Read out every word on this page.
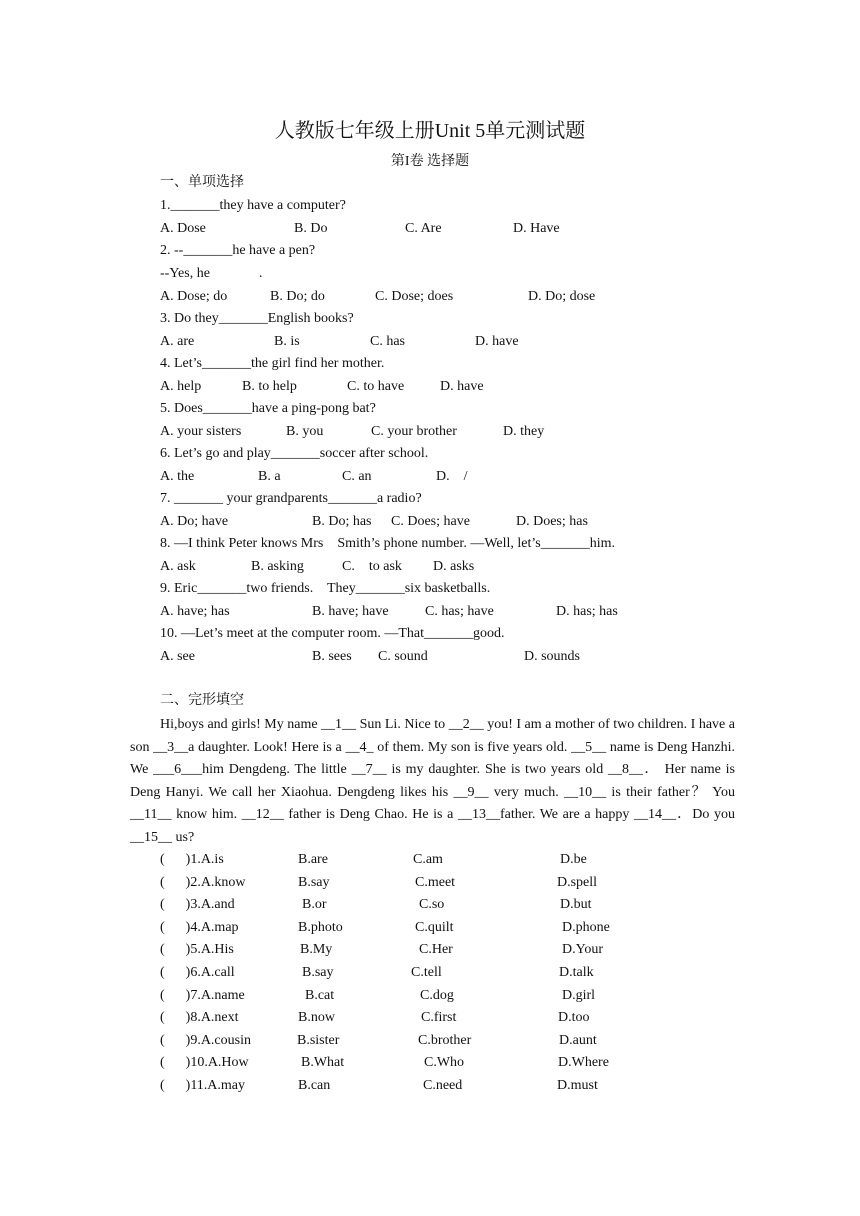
人教版七年级上册Unit 5单元测试题
第I卷 选择题
一、单项选择
1._______they have a computer?
A. Dose	B. Do	C. Are	D. Have
2. --_______he have a pen?
--Yes, he              .
A. Dose; do	B. Do; do	C. Dose; does	D. Do; dose
3. Do they_______English books?
A. are	B. is	C. has	D. have
4. Let’s_______the girl find her mother.
A. help	B. to help	C. to have	D. have
5. Does_______have a ping-pong bat?
A. your sisters	B. you	C. your brother	D. they
6. Let’s go and play_______soccer after school.
A. the	B. a	C. an	D.    /
7. _______ your grandparents_______a radio?
A. Do; have	B. Do; has C. Does; have	D. Does; has
8. —I think Peter knows Mrs    Smith’s phone number. —Well, let’s_______him.
A. ask	B. asking	C.    to ask D. asks
9. Eric_______two friends.    They_______six basketballs.
A. have; has	B. have; have	C. has; have	D. has; has
10. —Let’s meet at the computer room. —That_______good.
A. see	B. sees C. sound	D. sounds
二、完形填空
Hi,boys and girls! My name __1__ Sun Li. Nice to __2__ you! I am a mother of two children. I have a son __3__a daughter. Look! Here is a __4_ of them. My son is five years old. __5__ name is Deng Hanzhi. We ___6___him Dengdeng. The little __7__ is my daughter. She is two years old __8__． Her name is Deng Hanyi. We call her Xiaohua. Dengdeng likes his __9__ very much. __10__ is their father？ You __11__ know him. __12__ father is Deng Chao. He is a __13__father. We are a happy __14__．Do you __15__ us?
(      )1.A.is	B.are	C.am	D.be
(      )2.A.know	B.say	C.meet	D.spell
(      )3.A.and	B.or	C.so	D.but
(      )4.A.map	B.photo	C.quilt	D.phone
(      )5.A.His	B.My	C.Her	D.Your
(      )6.A.call	B.say	C.tell	D.talk
(      )7.A.name	B.cat	C.dog	D.girl
(      )8.A.next	B.now	C.first	D.too
(      )9.A.cousin	B.sister	C.brother	D.aunt
(      )10.A.How	B.What	C.Who	D.Where
(      )11.A.may	B.can	C.need	D.must
